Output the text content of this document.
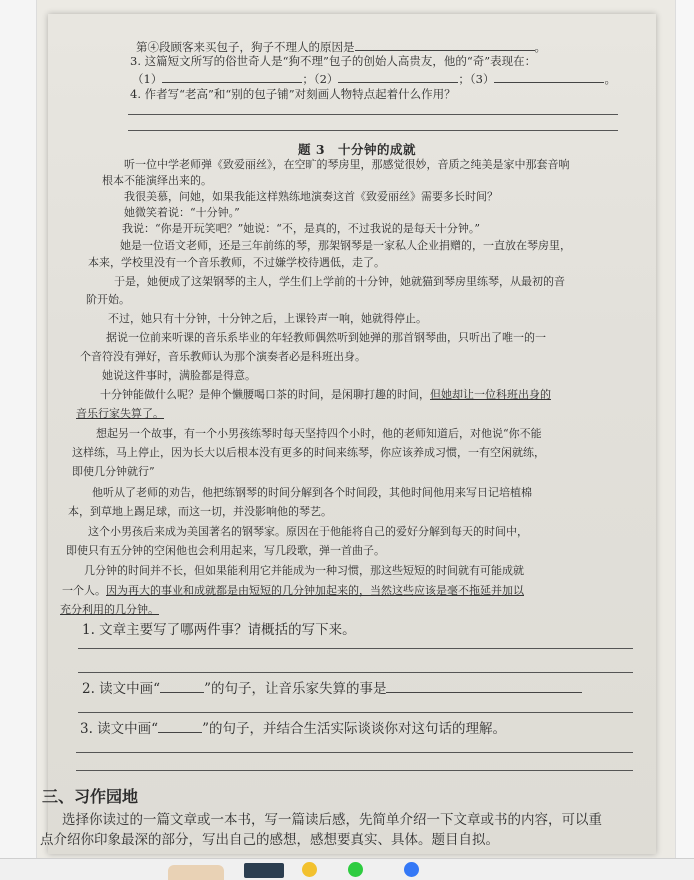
第④段顾客来买包子，狗子不理人的原因是	。
3. 这篇短文所写的俗世奇人是“狗不理”包子的创始人高贵友，他的“奇”表现在：
（1）	；（2）	；（3）	。
4. 作者写“老高”和“别的包子铺”对刻画人物特点起着什么作用？
题 3　十分钟的成就
听一位中学老师弹《致爱丽丝》，在空旷的琴房里，那感觉很妙，音质之纯美是家中那套音响
根本不能演绎出来的。
我很美慕，问她，如果我能这样熟练地演奏这首《致爱丽丝》需要多长时间？
她微笑着说：“十分钟。”
我说：“你是开玩笑吧？”她说：“不，是真的，不过我说的是每天十分钟。”
她是一位语文老师，还是三年前练的琴，那架钢琴是一家私人企业捐赠的，一直放在琴房里，
本来，学校里没有一个音乐教师，不过嫌学校待遇低，走了。
于是，她便成了这架钢琴的主人，学生们上学前的十分钟，她就猫到琴房里练琴，从最初的音
阶开始。
不过，她只有十分钟，十分钟之后，上课铃声一响，她就得停止。
据说一位前来听课的音乐系毕业的年轻教师偶然听到她弹的那首钢琴曲，只听出了唯一的一
个音符没有弹好，音乐教师认为那个演奏者必是科班出身。
她说这件事时，满脸都是得意。
十分钟能做什么呢？是伸个懒腰喝口茶的时间，是闲聊打趣的时间，但她却让一位科班出身的
音乐行家失算了。
想起另一个故事，有一个小男孩练琴时每天坚持四个小时，他的老师知道后，对他说“你不能
这样练，马上停止，因为长大以后根本没有更多的时间来练琴，你应该养成习惯，一有空闲就练，
即使几分钟就行”
他听从了老师的劝告，他把练钢琴的时间分解到各个时间段，其他时间他用来写日记培植棉
本，到草地上踢足球，而这一切，并没影响他的琴艺。
这个小男孩后来成为美国著名的钢琴家。原因在于他能将自己的爱好分解到每天的时间中，
即使只有五分钟的空闲他也会利用起来，写几段歌，弹一首曲子。
几分钟的时间并不长，但如果能利用它并能成为一种习惯，那这些短短的时间就有可能成就
一个人。因为再大的事业和成就都是由短短的几分钟加起来的，当然这些应该是毫不拖延并加以
充分利用的几分钟。
1. 文章主要写了哪两件事？请概括的写下来。
2. 读文中画“	”的句子，让音乐家失算的事是
3. 读文中画“	”的句子，并结合生活实际谈谈你对这句话的理解。
三、习作园地
选择你读过的一篇文章或一本书，写一篇读后感，先简单介绍一下文章或书的内容，可以重
点介绍你印象最深的部分，写出自己的感想，感想要真实、具体。题目自拟。
